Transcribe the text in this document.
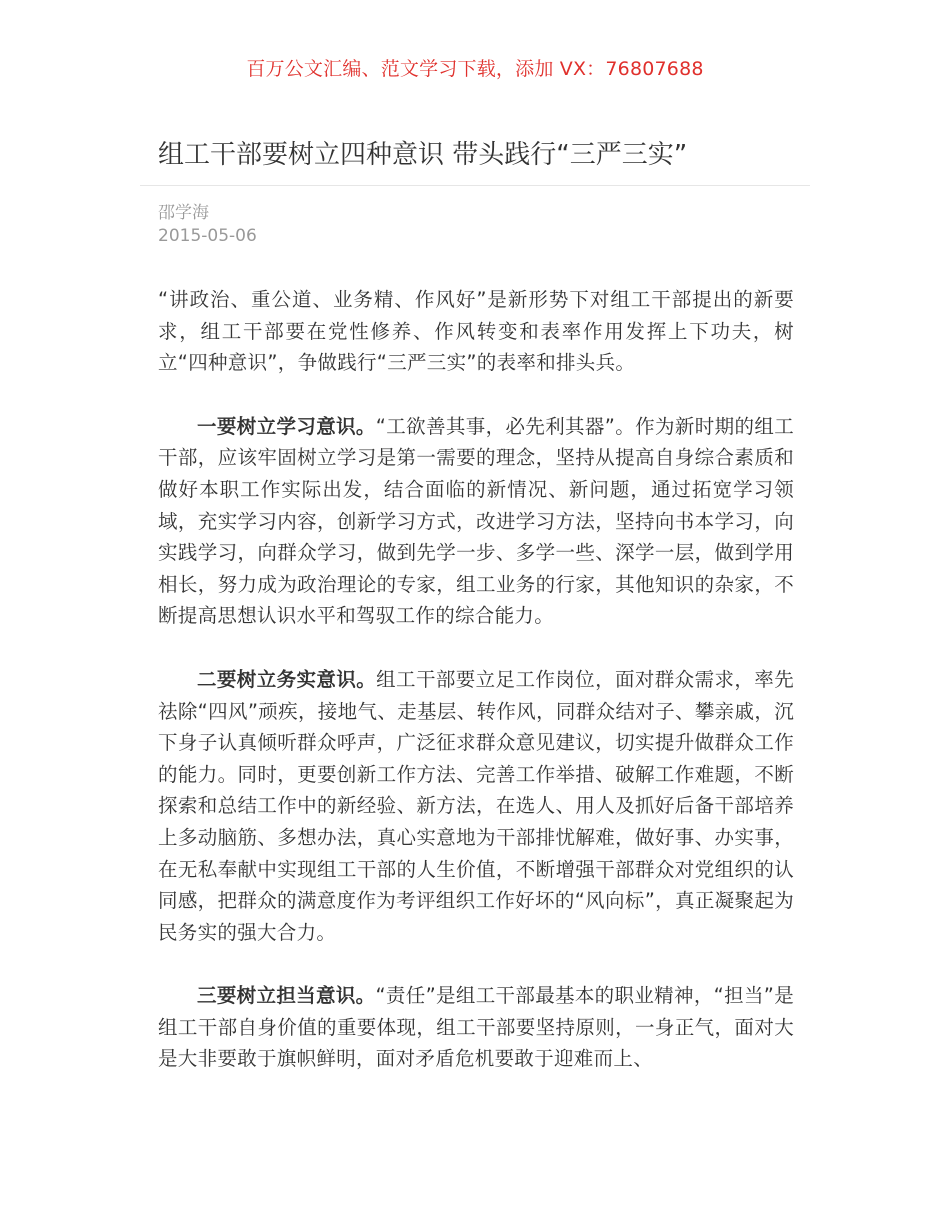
百万公文汇编、范文学习下载，添加 VX：76807688
组工干部要树立四种意识 带头践行“三严三实”
邵学海
2015-05-06

“讲政治、重公道、业务精、作风好”是新形势下对组工干部提出的新要求，组工干部要在党性修养、作风转变和表率作用发挥上下功夫，树立“四种意识”，争做践行“三严三实”的表率和排头兵。

一要树立学习意识。“工欲善其事，必先利其器”。作为新时期的组工干部，应该牢固树立学习是第一需要的理念，坚持从提高自身综合素质和做好本职工作实际出发，结合面临的新情况、新问题，通过拓宽学习领域，充实学习内容，创新学习方式，改进学习方法，坚持向书本学习，向实践学习，向群众学习，做到先学一步、多学一些、深学一层，做到学用相长，努力成为政治理论的专家，组工业务的行家，其他知识的杂家，不断提高思想认识水平和驾驭工作的综合能力。

二要树立务实意识。组工干部要立足工作岗位，面对群众需求，率先祛除“四风”顽疾，接地气、走基层、转作风，同群众结对子、攀亲戚，沉下身子认真倾听群众呼声，广泛征求群众意见建议，切实提升做群众工作的能力。同时，更要创新工作方法、完善工作举措、破解工作难题，不断探索和总结工作中的新经验、新方法，在选人、用人及抓好后备干部培养上多动脑筋、多想办法，真心实意地为干部排忧解难，做好事、办实事，在无私奉献中实现组工干部的人生价值，不断增强干部群众对党组织的认同感，把群众的满意度作为考评组织工作好坏的“风向标”，真正凝聚起为民务实的强大合力。

三要树立担当意识。“责任”是组工干部最基本的职业精神，“担当”是组工干部自身价值的重要体现，组工干部要坚持原则，一身正气，面对大是大非要敢于旗帜鲜明，面对矛盾危机要敢于迎难而上、
